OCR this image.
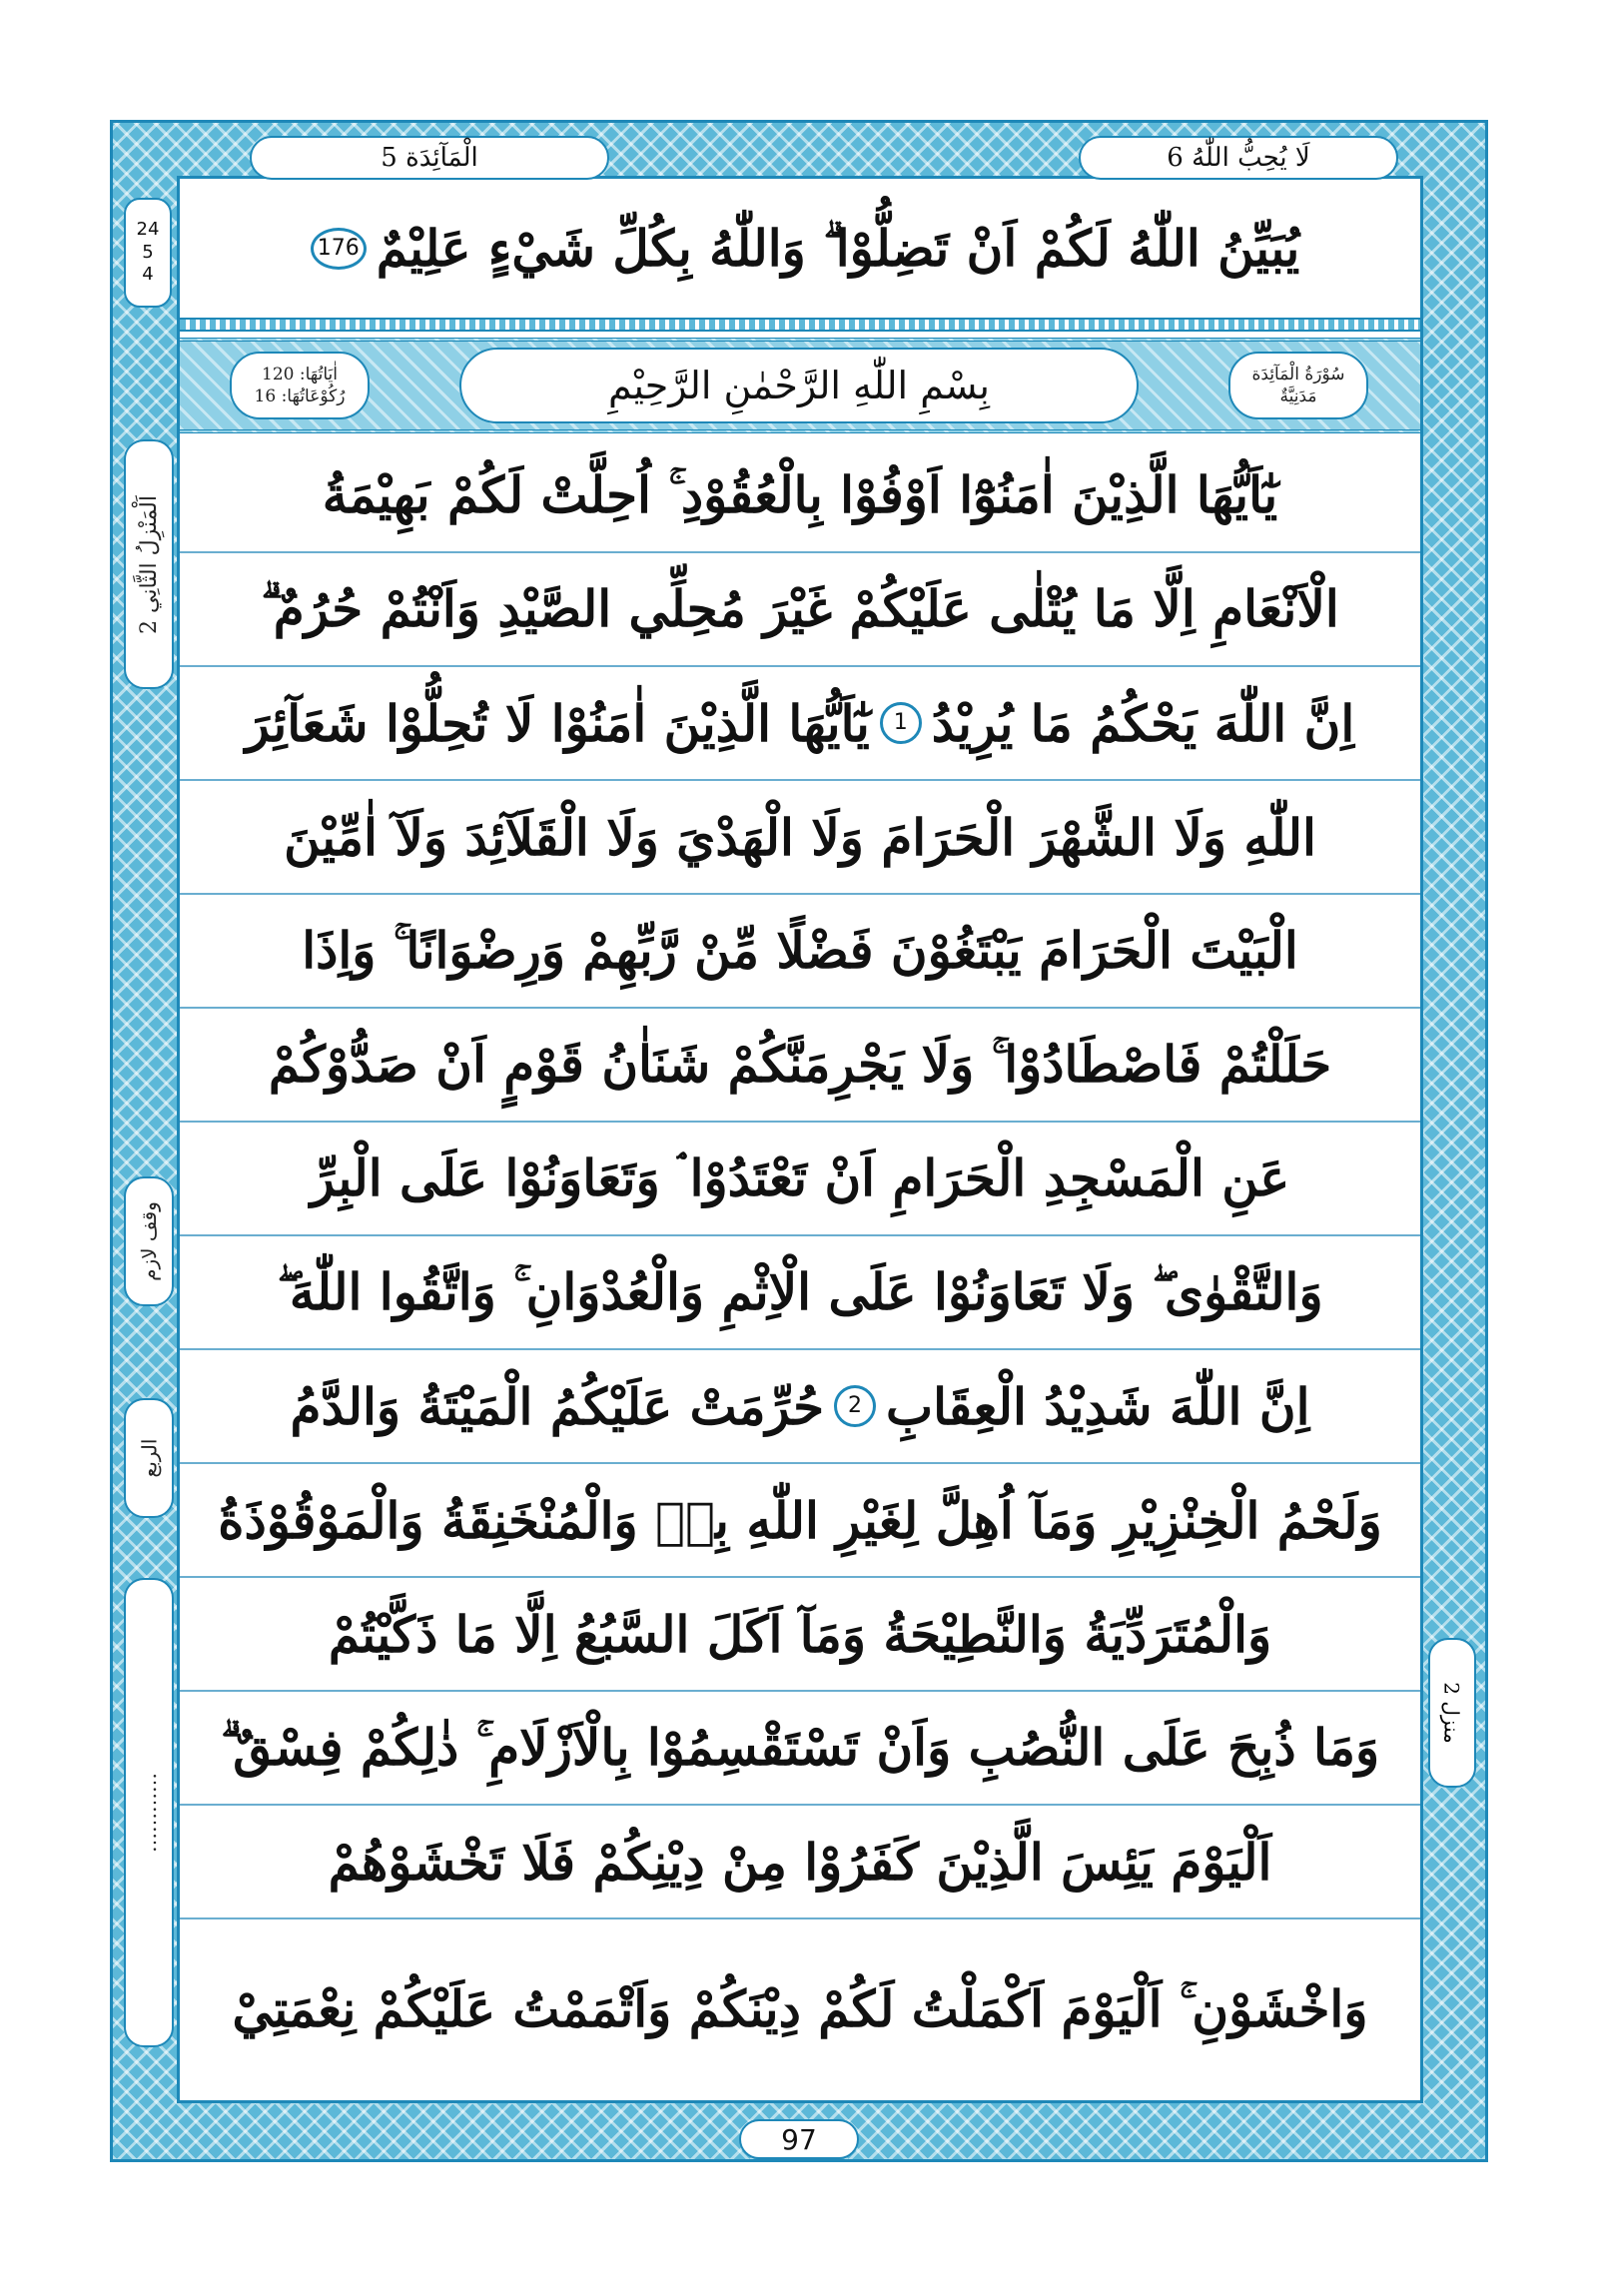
الْمَآئِدَة 5	لَا يُحِبُّ اللّٰهُ 6
24
5
4	يُبَيِّنُ اللّٰهُ لَكُمْ اَنْ تَضِلُّوْا ۗ وَاللّٰهُ بِكُلِّ شَيْءٍ عَلِيْمٌ
176
سُوْرَةُ الْمَآئِدَة
مَدَنِيَّةٌ
بِسْمِ اللّٰهِ الرَّحْمٰنِ الرَّحِيْمِ
اٰيَاتُهَا: 120
رُكُوْعَاتُهَا: 16
يٰٓاَيُّهَا الَّذِيْنَ اٰمَنُوْٓا اَوْفُوْا بِالْعُقُوْدِ ۚ اُحِلَّتْ لَكُمْ بَهِيْمَةُ
الْاَنْعَامِ اِلَّا مَا يُتْلٰى عَلَيْكُمْ غَيْرَ مُحِلِّي الصَّيْدِ وَاَنْتُمْ حُرُمٌ ۗ
اِنَّ اللّٰهَ يَحْكُمُ مَا يُرِيْدُ
1
يٰٓاَيُّهَا الَّذِيْنَ اٰمَنُوْا لَا تُحِلُّوْا شَعَآئِرَ
اللّٰهِ وَلَا الشَّهْرَ الْحَرَامَ وَلَا الْهَدْيَ وَلَا الْقَلَآئِدَ وَلَآ اٰمِّيْنَ
الْبَيْتَ الْحَرَامَ يَبْتَغُوْنَ فَضْلًا مِّنْ رَّبِّهِمْ وَرِضْوَانًا ۚ وَاِذَا
حَلَلْتُمْ فَاصْطَادُوْا ۚ وَلَا يَجْرِمَنَّكُمْ شَنَاٰنُ قَوْمٍ اَنْ صَدُّوْكُمْ
عَنِ الْمَسْجِدِ الْحَرَامِ اَنْ تَعْتَدُوْا ۘ وَتَعَاوَنُوْا عَلَى الْبِرِّ
وَالتَّقْوٰى ۖ وَلَا تَعَاوَنُوْا عَلَى الْاِثْمِ وَالْعُدْوَانِ ۚ وَاتَّقُوا اللّٰهَ ۖ
اِنَّ اللّٰهَ شَدِيْدُ الْعِقَابِ
2
حُرِّمَتْ عَلَيْكُمُ الْمَيْتَةُ وَالدَّمُ
وَلَحْمُ الْخِنْزِيْرِ وَمَآ اُهِلَّ لِغَيْرِ اللّٰهِ بِهٖ وَالْمُنْخَنِقَةُ وَالْمَوْقُوْذَةُ
وَالْمُتَرَدِّيَةُ وَالنَّطِيْحَةُ وَمَآ اَكَلَ السَّبُعُ اِلَّا مَا ذَكَّيْتُمْ
وَمَا ذُبِحَ عَلَى النُّصُبِ وَاَنْ تَسْتَقْسِمُوْا بِالْاَزْلَامِ ۚ ذٰلِكُمْ فِسْقٌ ۗ
اَلْيَوْمَ يَئِسَ الَّذِيْنَ كَفَرُوْا مِنْ دِيْنِكُمْ فَلَا تَخْشَوْهُمْ
وَاخْشَوْنِ ۚ اَلْيَوْمَ اَكْمَلْتُ لَكُمْ دِيْنَكُمْ وَاَتْمَمْتُ عَلَيْكُمْ نِعْمَتِيْ
اَلْمَنْزِلُ الثَّانِي 2
وقف لازم
الربع
…………
منزل 2
97
